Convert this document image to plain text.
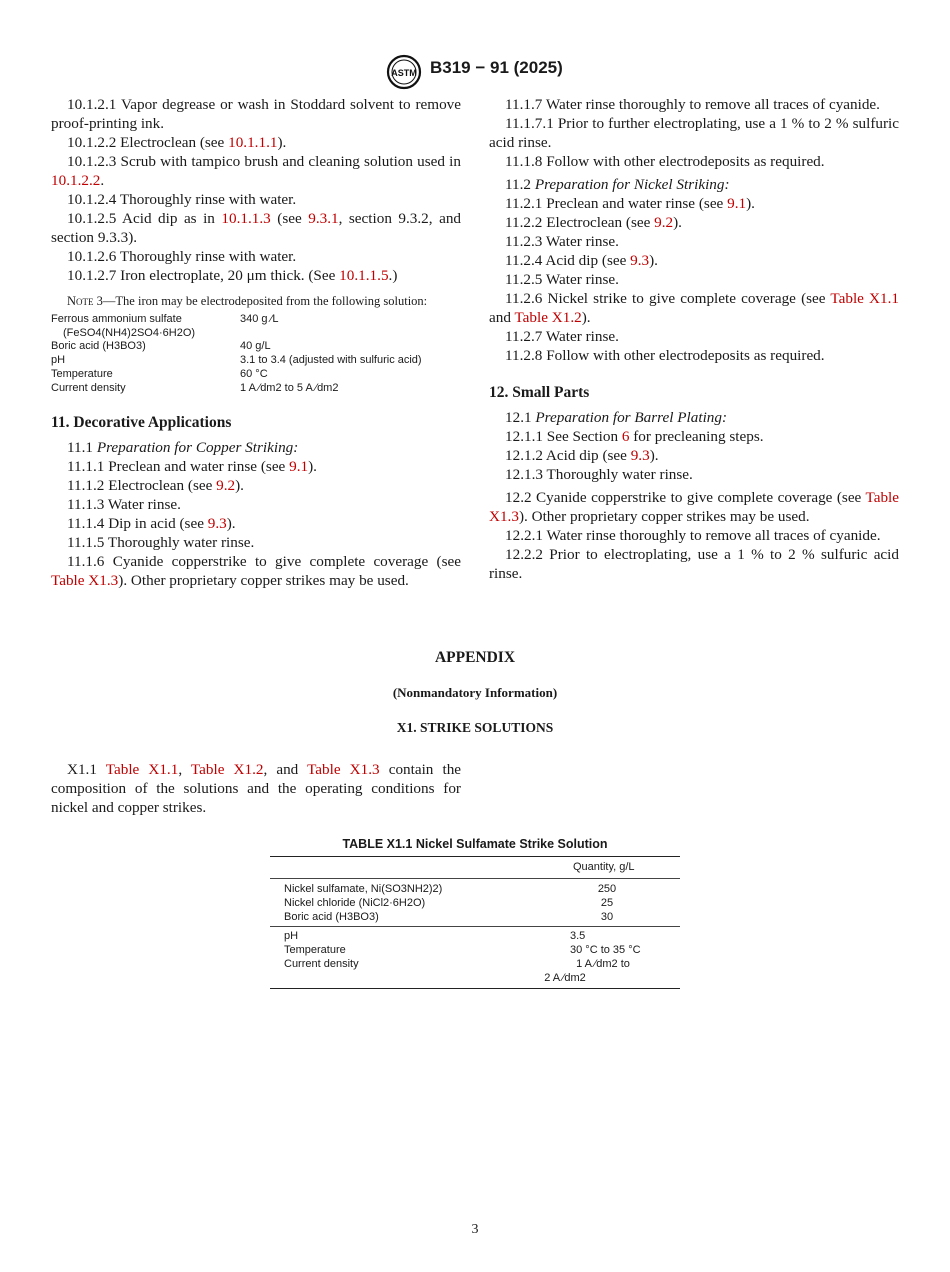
ASTM B319 − 91 (2025)

10.1.2.1 Vapor degrease or wash in Stoddard solvent to remove proof-printing ink.

10.1.2.2 Electroclean (see 10.1.1.1).

10.1.2.3 Scrub with tampico brush and cleaning solution used in 10.1.2.2.

10.1.2.4 Thoroughly rinse with water.

10.1.2.5 Acid dip as in 10.1.1.3 (see 9.3.1, section 9.3.2, and section 9.3.3).

10.1.2.6 Thoroughly rinse with water.

10.1.2.7 Iron electroplate, 20 μm thick. (See 10.1.1.5.)

Note 3—The iron may be electrodeposited from the following solution:

Ferrous ammonium sulfate	340 g ⁄L
(FeSO4(NH4)2SO4·6H2O)	
Boric acid (H3BO3)	40 g/L
pH	3.1 to 3.4 (adjusted with sulfuric acid)
Temperature	60 °C
Current density	1 A ⁄dm2 to 5 A ⁄dm2
11. Decorative Applications

11.1 Preparation for Copper Striking:

11.1.1 Preclean and water rinse (see 9.1).

11.1.2 Electroclean (see 9.2).

11.1.3 Water rinse.

11.1.4 Dip in acid (see 9.3).

11.1.5 Thoroughly water rinse.

11.1.6 Cyanide copperstrike to give complete coverage (see Table X1.3). Other proprietary copper strikes may be used.

11.1.7 Water rinse thoroughly to remove all traces of cyanide.

11.1.7.1 Prior to further electroplating, use a 1 % to 2 % sulfuric acid rinse.

11.1.8 Follow with other electrodeposits as required.

11.2 Preparation for Nickel Striking:

11.2.1 Preclean and water rinse (see 9.1).

11.2.2 Electroclean (see 9.2).

11.2.3 Water rinse.

11.2.4 Acid dip (see 9.3).

11.2.5 Water rinse.

11.2.6 Nickel strike to give complete coverage (see Table X1.1 and Table X1.2).

11.2.7 Water rinse.

11.2.8 Follow with other electrodeposits as required.

12. Small Parts

12.1 Preparation for Barrel Plating:

12.1.1 See Section 6 for precleaning steps.

12.1.2 Acid dip (see 9.3).

12.1.3 Thoroughly water rinse.

12.2 Cyanide copperstrike to give complete coverage (see Table X1.3). Other proprietary copper strikes may be used.

12.2.1 Water rinse thoroughly to remove all traces of cyanide.

12.2.2 Prior to electroplating, use a 1 % to 2 % sulfuric acid rinse.

APPENDIX
(Nonmandatory Information)
X1. STRIKE SOLUTIONS

X1.1 Table X1.1, Table X1.2, and Table X1.3 contain the composition of the solutions and the operating conditions for nickel and copper strikes.

TABLE X1.1 Nickel Sulfamate Strike Solution
Quantity, g/L
Nickel sulfamate, Ni(SO3NH2)2)	250
Nickel chloride (NiCl2·6H2O)	25
Boric acid (H3BO3)	30
pH	3.5
Temperature	30 °C to 35 °C
Current density	1 A ⁄dm2 to
2 A ⁄dm2
3
